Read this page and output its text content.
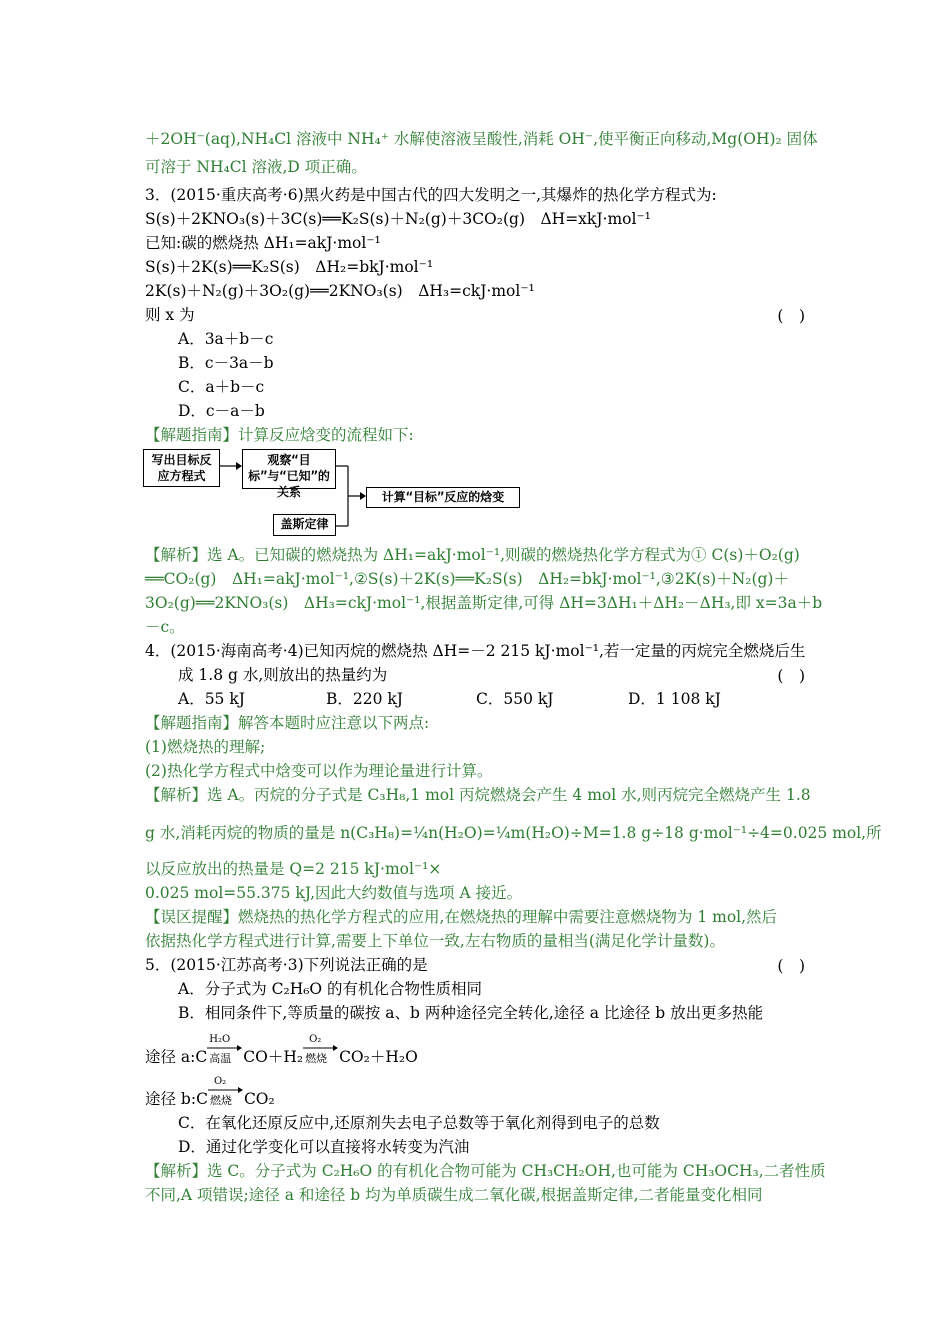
＋2OH⁻(aq),NH₄Cl 溶液中 NH₄⁺ 水解使溶液呈酸性,消耗 OH⁻,使平衡正向移动,Mg(OH)₂ 固体
可溶于 NH₄Cl 溶液,D 项正确。
3．(2015·重庆高考·6)黑火药是中国古代的四大发明之一,其爆炸的热化学方程式为:
S(s)＋2KNO₃(s)＋3C(s)══K₂S(s)＋N₂(g)＋3CO₂(g)　ΔH=xkJ·mol⁻¹
已知:碳的燃烧热 ΔH₁=akJ·mol⁻¹
S(s)＋2K(s)══K₂S(s)　ΔH₂=bkJ·mol⁻¹
2K(s)＋N₂(g)＋3O₂(g)══2KNO₃(s)　ΔH₃=ckJ·mol⁻¹
则 x 为	(　)
A．3a＋b－c
B．c－3a－b
C．a＋b－c
D．c－a－b
【解题指南】计算反应焓变的流程如下:
写出目标反应方程式
观察“目标”与“已知”的关系	计算“目标”反应的焓变
盖斯定律
【解析】选 A。已知碳的燃烧热为 ΔH₁=akJ·mol⁻¹,则碳的燃烧热化学方程式为① C(s)＋O₂(g)
══CO₂(g)　ΔH₁=akJ·mol⁻¹,②S(s)＋2K(s)══K₂S(s)　ΔH₂=bkJ·mol⁻¹,③2K(s)＋N₂(g)＋
3O₂(g)══2KNO₃(s)　ΔH₃=ckJ·mol⁻¹,根据盖斯定律,可得 ΔH=3ΔH₁＋ΔH₂－ΔH₃,即 x=3a＋b
－c。
4．(2015·海南高考·4)已知丙烷的燃烧热 ΔH=－2 215 kJ·mol⁻¹,若一定量的丙烷完全燃烧后生
成 1.8 g 水,则放出的热量约为	(　)
A．55 kJ	B．220 kJ	C．550 kJ	D．1 108 kJ
【解题指南】解答本题时应注意以下两点:
(1)燃烧热的理解;
(2)热化学方程式中焓变可以作为理论量进行计算。
【解析】选 A。丙烷的分子式是 C₃H₈,1 mol 丙烷燃烧会产生 4 mol 水,则丙烷完全燃烧产生 1.8
g 水,消耗丙烷的物质的量是 n(C₃H₈)=¼n(H₂O)=¼m(H₂O)÷M=1.8 g÷18 g·mol⁻¹÷4=0.025 mol,所
以反应放出的热量是 Q=2 215 kJ·mol⁻¹×
0.025 mol=55.375 kJ,因此大约数值与选项 A 接近。
【误区提醒】燃烧热的热化学方程式的应用,在燃烧热的理解中需要注意燃烧物为 1 mol,然后
依据热化学方程式进行计算,需要上下单位一致,左右物质的量相当(满足化学计量数)。
5．(2015·江苏高考·3)下列说法正确的是	(　)
A．分子式为 C₂H₆O 的有机化合物性质相同
B．相同条件下,等质量的碳按 a、b 两种途径完全转化,途径 a 比途径 b 放出更多热能
途径 a:C
H₂O
高温 CO＋H₂
O₂
燃烧 CO₂＋H₂O
途径 b:C
O₂
燃烧 CO₂
C．在氧化还原反应中,还原剂失去电子总数等于氧化剂得到电子的总数
D．通过化学变化可以直接将水转变为汽油
【解析】选 C。分子式为 C₂H₆O 的有机化合物可能为 CH₃CH₂OH,也可能为 CH₃OCH₃,二者性质
不同,A 项错误;途径 a 和途径 b 均为单质碳生成二氧化碳,根据盖斯定律,二者能量变化相同
